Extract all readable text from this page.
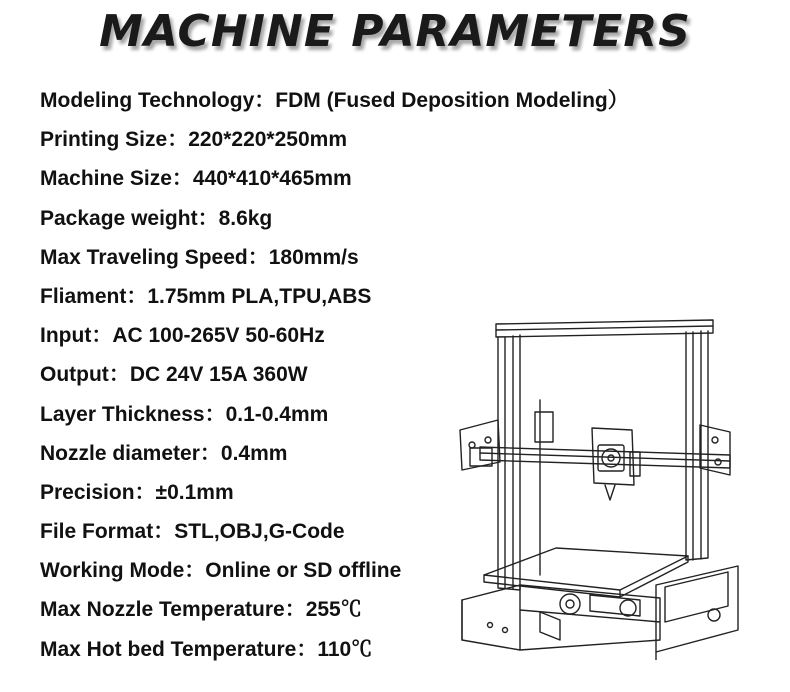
MACHINE PARAMETERS
Modeling Technology：FDM (Fused Deposition Modeling）
Printing Size：220*220*250mm
Machine Size：440*410*465mm
Package weight：8.6kg
Max Traveling Speed：180mm/s
Fliament：1.75mm PLA,TPU,ABS
Input：AC 100-265V 50-60Hz
Output：DC 24V 15A 360W
Layer Thickness：0.1-0.4mm
Nozzle diameter：0.4mm
Precision：±0.1mm
File Format：STL,OBJ,G-Code
Working Mode：Online or SD offline
Max Nozzle Temperature：255℃
Max Hot bed Temperature：110℃
